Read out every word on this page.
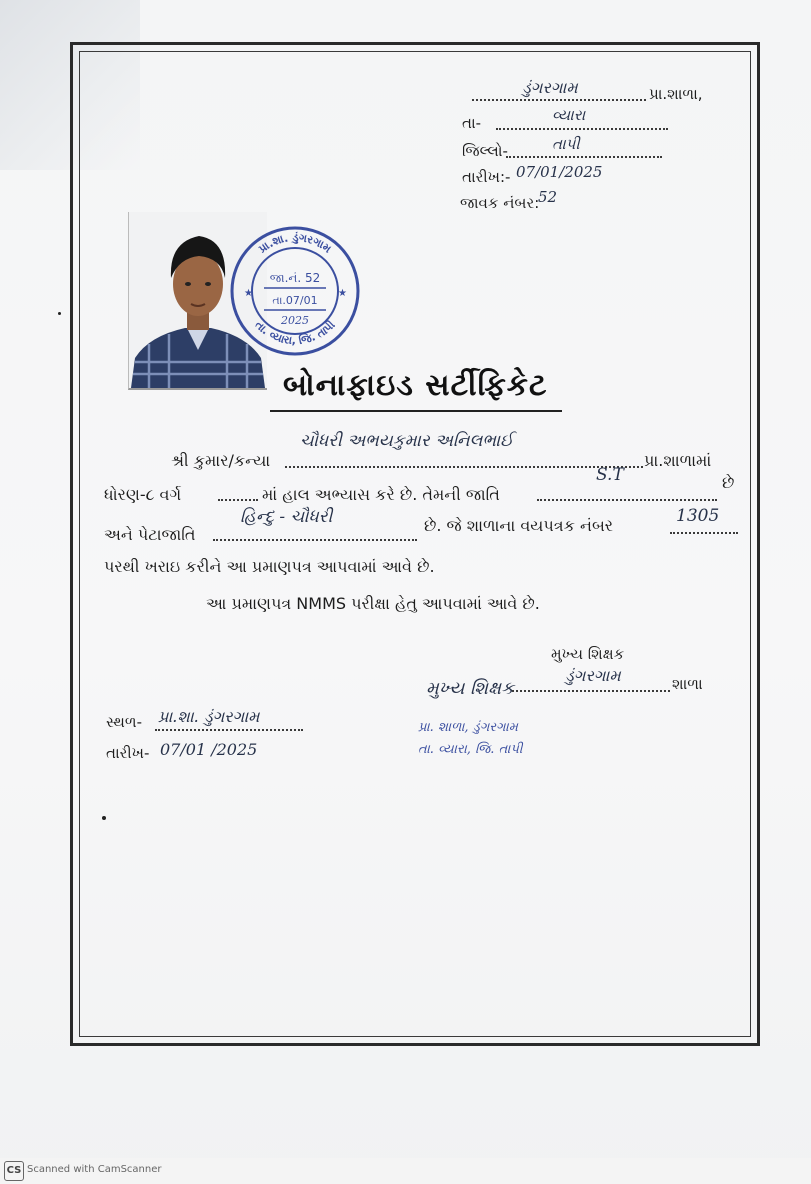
ડુંગરગામ	પ્રા.શાળા,
તા-	વ્યારા
જિલ્લો-	તાપી
તારીખ:- 07/01/2025
જાવક નંબર:
52
પ્રા.શા. ડુંગરગામ
તા. વ્યારા, જિ. તાપી
★	★
જા.નં. 52
તા.07/01
2025
બોનાફાઇડ સર્ટીફિકેટ
શ્રી કુમાર/કન્યા
ચૌધરી અભયકુમાર અનિલભાઈ
પ્રા.શાળામાં
ધોરણ-૮ વર્ગ	માં હાલ અભ્યાસ કરે છે. તેમની જાતિ
S.T	છે
અને પેટાજાતિ
હિન્દુ - ચૌધરી	છે. જે શાળાના વયપત્રક નંબર	1305
પરથી ખરાઇ કરીને આ પ્રમાણપત્ર આપવામાં આવે છે.
આ પ્રમાણપત્ર NMMS પરીક્ષા હેતુ આપવામાં આવે છે.
મુખ્ય શિક્ષક
ડુંગરગામ	શાળા
મુખ્ય શિક્ષક
પ્રા. શાળા, ડુંગરગામ
તા. વ્યારા, જિ. તાપી
સ્થળ- પ્રા.શા. ડુંગરગામ
તારીખ- 07/01 /2025
CS Scanned with CamScanner
